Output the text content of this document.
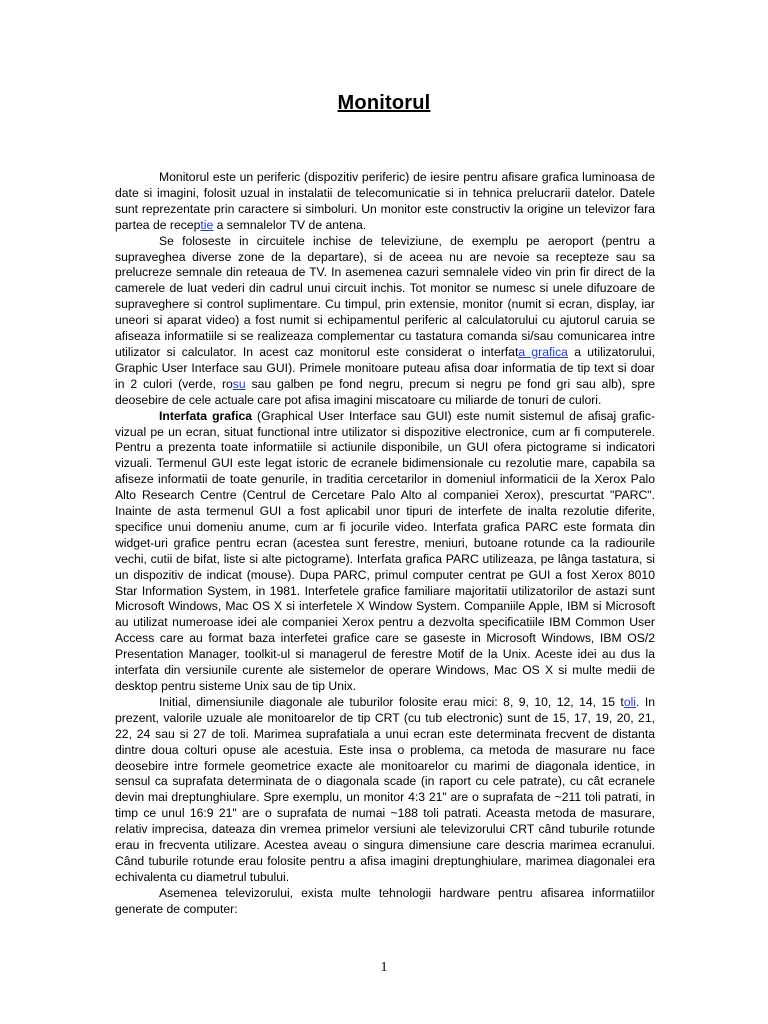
Monitorul

Monitorul este un periferic (dispozitiv periferic) de iesire pentru afisare grafica luminoasa de date si imagini, folosit uzual in instalatii de telecomunicatie si in tehnica prelucrarii datelor. Datele sunt reprezentate prin caractere si simboluri. Un monitor este constructiv la origine un televizor fara partea de receptie a semnalelor TV de antena.

Se foloseste in circuitele inchise de televiziune, de exemplu pe aeroport (pentru a supraveghea diverse zone de la departare), si de aceea nu are nevoie sa recepteze sau sa prelucreze semnale din reteaua de TV. In asemenea cazuri semnalele video vin prin fir direct de la camerele de luat vederi din cadrul unui circuit inchis. Tot monitor se numesc si unele difuzoare de supraveghere si control suplimentare. Cu timpul, prin extensie, monitor (numit si ecran, display, iar uneori si aparat video) a fost numit si echipamentul periferic al calculatorului cu ajutorul caruia se afiseaza informatiile si se realizeaza complementar cu tastatura comanda si/sau comunicarea intre utilizator si calculator. In acest caz monitorul este considerat o interfata grafica a utilizatorului, Graphic User Interface sau GUI). Primele monitoare puteau afisa doar informatia de tip text si doar in 2 culori (verde, rosu sau galben pe fond negru, precum si negru pe fond gri sau alb), spre deosebire de cele actuale care pot afisa imagini miscatoare cu miliarde de tonuri de culori.

Interfata grafica (Graphical User Interface sau GUI) este numit sistemul de afisaj grafic-vizual pe un ecran, situat functional intre utilizator si dispozitive electronice, cum ar fi computerele. Pentru a prezenta toate informatiile si actiunile disponibile, un GUI ofera pictograme si indicatori vizuali. Termenul GUI este legat istoric de ecranele bidimensionale cu rezolutie mare, capabila sa afiseze informatii de toate genurile, in traditia cercetarilor in domeniul informaticii de la Xerox Palo Alto Research Centre (Centrul de Cercetare Palo Alto al companiei Xerox), prescurtat "PARC". Inainte de asta termenul GUI a fost aplicabil unor tipuri de interfete de inalta rezolutie diferite, specifice unui domeniu anume, cum ar fi jocurile video. Interfata grafica PARC este formata din widget-uri grafice pentru ecran (acestea sunt ferestre, meniuri, butoane rotunde ca la radiourile vechi, cutii de bifat, liste si alte pictograme). Interfata grafica PARC utilizeaza, pe lânga tastatura, si un dispozitiv de indicat (mouse). Dupa PARC, primul computer centrat pe GUI a fost Xerox 8010 Star Information System, in 1981. Interfetele grafice familiare majoritatii utilizatorilor de astazi sunt Microsoft Windows, Mac OS X si interfetele X Window System. Companiile Apple, IBM si Microsoft au utilizat numeroase idei ale companiei Xerox pentru a dezvolta specificatiile IBM Common User Access care au format baza interfetei grafice care se gaseste in Microsoft Windows, IBM OS/2 Presentation Manager, toolkit-ul si managerul de ferestre Motif de la Unix. Aceste idei au dus la interfata din versiunile curente ale sistemelor de operare Windows, Mac OS X si multe medii de desktop pentru sisteme Unix sau de tip Unix.

Initial, dimensiunile diagonale ale tuburilor folosite erau mici: 8, 9, 10, 12, 14, 15 toli. In prezent, valorile uzuale ale monitoarelor de tip CRT (cu tub electronic) sunt de 15, 17, 19, 20, 21, 22, 24 sau si 27 de toli. Marimea suprafatiala a unui ecran este determinata frecvent de distanta dintre doua colturi opuse ale acestuia. Este insa o problema, ca metoda de masurare nu face deosebire intre formele geometrice exacte ale monitoarelor cu marimi de diagonala identice, in sensul ca suprafata determinata de o diagonala scade (in raport cu cele patrate), cu cât ecranele devin mai dreptunghiulare. Spre exemplu, un monitor 4:3 21" are o suprafata de ~211 toli patrati, in timp ce unul 16:9 21" are o suprafata de numai ~188 toli patrati. Aceasta metoda de masurare, relativ imprecisa, dateaza din vremea primelor versiuni ale televizorului CRT când tuburile rotunde erau in frecventa utilizare. Acestea aveau o singura dimensiune care descria marimea ecranului. Când tuburile rotunde erau folosite pentru a afisa imagini dreptunghiulare, marimea diagonalei era echivalenta cu diametrul tubului.

Asemenea televizorului, exista multe tehnologii hardware pentru afisarea informatiilor generate de computer:

1
